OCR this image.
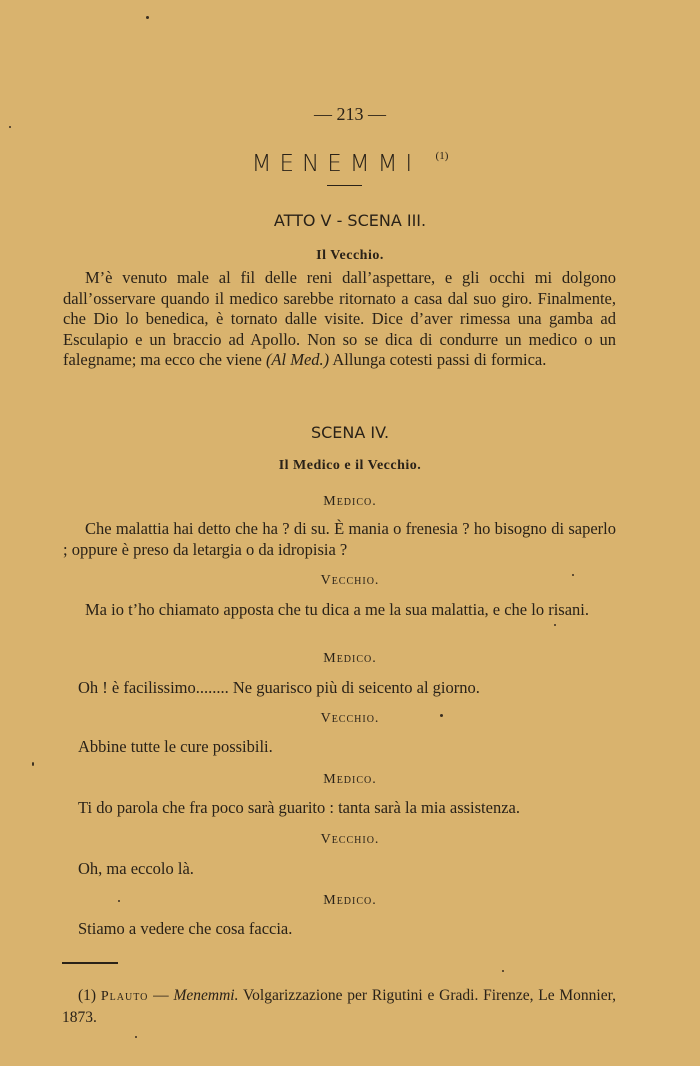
— 213 —
MENEMMI $^{(1)}$
ATTO V - SCENA III.
Il Vecchio.
M’è venuto male al fil delle reni dall’aspettare, e gli occhi mi dolgono dall’osservare quando il medico sarebbe ritornato a casa dal suo giro. Finalmente, che Dio lo benedica, è tornato dalle visite. Dice d’aver rimessa una gamba ad Esculapio e un braccio ad Apollo. Non so se dica di condurre un medico o un falegname; ma ecco che viene (Al Med.) Allunga cotesti passi di formica.
SCENA IV.
Il Medico e il Vecchio.
Medico.
Che malattia hai detto che ha ? di su. È mania o frenesia ? ho bisogno di saperlo ; oppure è preso da letargia o da idropisia ?
Vecchio.
Ma io t’ho chiamato apposta che tu dica a me la sua malattia, e che lo risani.
Medico.
Oh ! è facilissimo........ Ne guarisco più di seicento al giorno.
Vecchio.
Abbine tutte le cure possibili.
Medico.
Ti do parola che fra poco sarà guarito : tanta sarà la mia assistenza.
Vecchio.
Oh, ma eccolo là.
Medico.
Stiamo a vedere che cosa faccia.
(1) Plauto — Menemmi. Volgarizzazione per Rigutini e Gradi. Firenze, Le Monnier, 1873.
